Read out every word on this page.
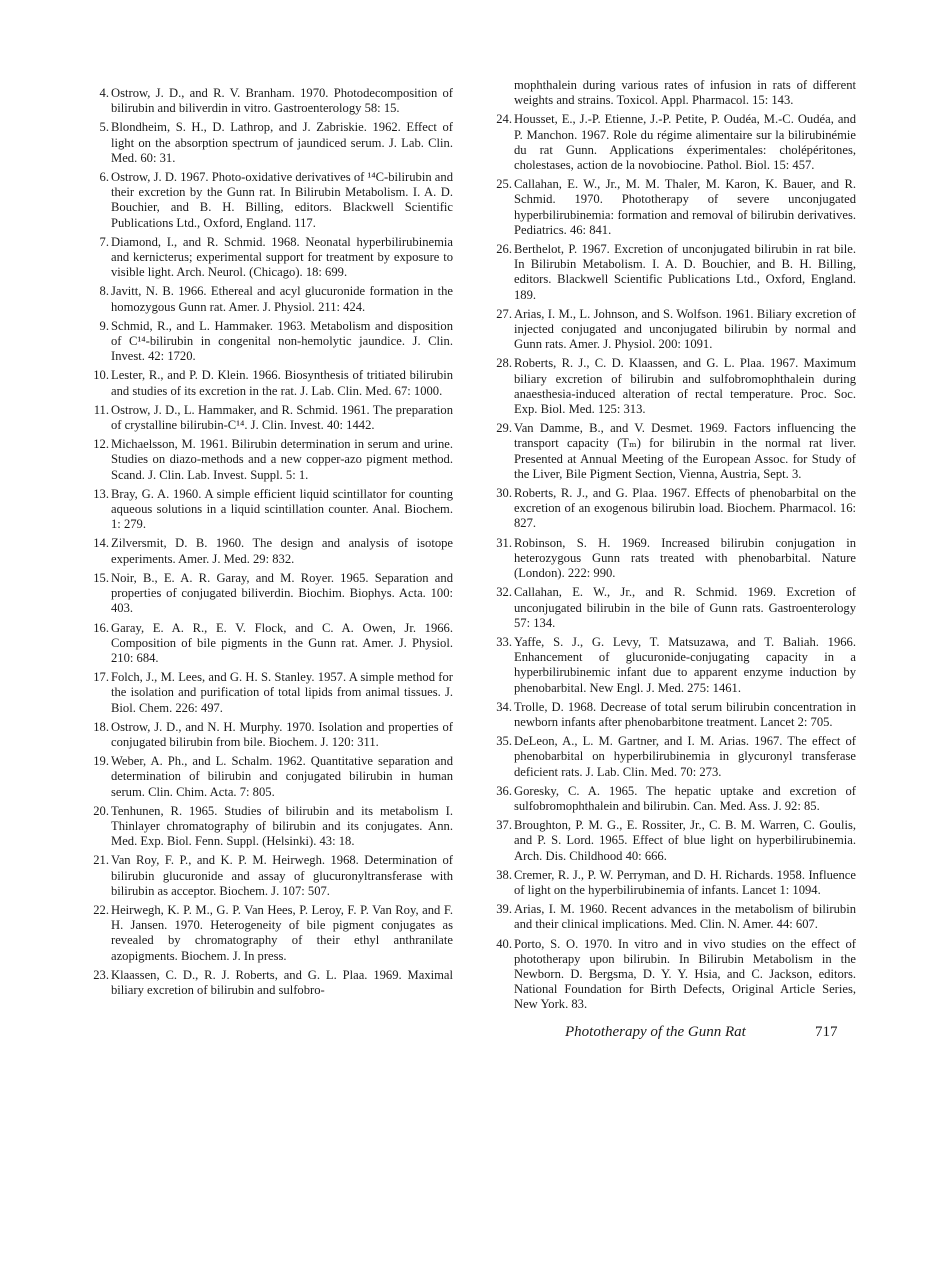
4. Ostrow, J. D., and R. V. Branham. 1970. Photodecomposition of bilirubin and biliverdin in vitro. Gastroenterology 58: 15.
5. Blondheim, S. H., D. Lathrop, and J. Zabriskie. 1962. Effect of light on the absorption spectrum of jaundiced serum. J. Lab. Clin. Med. 60: 31.
6. Ostrow, J. D. 1967. Photo-oxidative derivatives of ¹⁴C-bilirubin and their excretion by the Gunn rat. In Bilirubin Metabolism. I. A. D. Bouchier, and B. H. Billing, editors. Blackwell Scientific Publications Ltd., Oxford, England. 117.
7. Diamond, I., and R. Schmid. 1968. Neonatal hyperbilirubinemia and kernicterus; experimental support for treatment by exposure to visible light. Arch. Neurol. (Chicago). 18: 699.
8. Javitt, N. B. 1966. Ethereal and acyl glucuronide formation in the homozygous Gunn rat. Amer. J. Physiol. 211: 424.
9. Schmid, R., and L. Hammaker. 1963. Metabolism and disposition of C¹⁴-bilirubin in congenital non-hemolytic jaundice. J. Clin. Invest. 42: 1720.
10. Lester, R., and P. D. Klein. 1966. Biosynthesis of tritiated bilirubin and studies of its excretion in the rat. J. Lab. Clin. Med. 67: 1000.
11. Ostrow, J. D., L. Hammaker, and R. Schmid. 1961. The preparation of crystalline bilirubin-C¹⁴. J. Clin. Invest. 40: 1442.
12. Michaelsson, M. 1961. Bilirubin determination in serum and urine. Studies on diazo-methods and a new copper-azo pigment method. Scand. J. Clin. Lab. Invest. Suppl. 5: 1.
13. Bray, G. A. 1960. A simple efficient liquid scintillator for counting aqueous solutions in a liquid scintillation counter. Anal. Biochem. 1: 279.
14. Zilversmit, D. B. 1960. The design and analysis of isotope experiments. Amer. J. Med. 29: 832.
15. Noir, B., E. A. R. Garay, and M. Royer. 1965. Separation and properties of conjugated biliverdin. Biochim. Biophys. Acta. 100: 403.
16. Garay, E. A. R., E. V. Flock, and C. A. Owen, Jr. 1966. Composition of bile pigments in the Gunn rat. Amer. J. Physiol. 210: 684.
17. Folch, J., M. Lees, and G. H. S. Stanley. 1957. A simple method for the isolation and purification of total lipids from animal tissues. J. Biol. Chem. 226: 497.
18. Ostrow, J. D., and N. H. Murphy. 1970. Isolation and properties of conjugated bilirubin from bile. Biochem. J. 120: 311.
19. Weber, A. Ph., and L. Schalm. 1962. Quantitative separation and determination of bilirubin and conjugated bilirubin in human serum. Clin. Chim. Acta. 7: 805.
20. Tenhunen, R. 1965. Studies of bilirubin and its metabolism I. Thinlayer chromatography of bilirubin and its conjugates. Ann. Med. Exp. Biol. Fenn. Suppl. (Helsinki). 43: 18.
21. Van Roy, F. P., and K. P. M. Heirwegh. 1968. Determination of bilirubin glucuronide and assay of glucuronyltransferase with bilirubin as acceptor. Biochem. J. 107: 507.
22. Heirwegh, K. P. M., G. P. Van Hees, P. Leroy, F. P. Van Roy, and F. H. Jansen. 1970. Heterogeneity of bile pigment conjugates as revealed by chromatography of their ethyl anthranilate azopigments. Biochem. J. In press.
23. Klaassen, C. D., R. J. Roberts, and G. L. Plaa. 1969. Maximal biliary excretion of bilirubin and sulfobro-
mophthalein during various rates of infusion in rats of different weights and strains. Toxicol. Appl. Pharmacol. 15: 143.
24. Housset, E., J.-P. Etienne, J.-P. Petite, P. Oudéa, M.-C. Oudéa, and P. Manchon. 1967. Role du régime alimentaire sur la bilirubinémie du rat Gunn. Applications éxperimentales: cholépéritones, cholestases, action de la novobiocine. Pathol. Biol. 15: 457.
25. Callahan, E. W., Jr., M. M. Thaler, M. Karon, K. Bauer, and R. Schmid. 1970. Phototherapy of severe unconjugated hyperbilirubinemia: formation and removal of bilirubin derivatives. Pediatrics. 46: 841.
26. Berthelot, P. 1967. Excretion of unconjugated bilirubin in rat bile. In Bilirubin Metabolism. I. A. D. Bouchier, and B. H. Billing, editors. Blackwell Scientific Publications Ltd., Oxford, England. 189.
27. Arias, I. M., L. Johnson, and S. Wolfson. 1961. Biliary excretion of injected conjugated and unconjugated bilirubin by normal and Gunn rats. Amer. J. Physiol. 200: 1091.
28. Roberts, R. J., C. D. Klaassen, and G. L. Plaa. 1967. Maximum biliary excretion of bilirubin and sulfobromophthalein during anaesthesia-induced alteration of rectal temperature. Proc. Soc. Exp. Biol. Med. 125: 313.
29. Van Damme, B., and V. Desmet. 1969. Factors influencing the transport capacity (Tₘ) for bilirubin in the normal rat liver. Presented at Annual Meeting of the European Assoc. for Study of the Liver, Bile Pigment Section, Vienna, Austria, Sept. 3.
30. Roberts, R. J., and G. Plaa. 1967. Effects of phenobarbital on the excretion of an exogenous bilirubin load. Biochem. Pharmacol. 16: 827.
31. Robinson, S. H. 1969. Increased bilirubin conjugation in heterozygous Gunn rats treated with phenobarbital. Nature (London). 222: 990.
32. Callahan, E. W., Jr., and R. Schmid. 1969. Excretion of unconjugated bilirubin in the bile of Gunn rats. Gastroenterology 57: 134.
33. Yaffe, S. J., G. Levy, T. Matsuzawa, and T. Baliah. 1966. Enhancement of glucuronide-conjugating capacity in a hyperbilirubinemic infant due to apparent enzyme induction by phenobarbital. New Engl. J. Med. 275: 1461.
34. Trolle, D. 1968. Decrease of total serum bilirubin concentration in newborn infants after phenobarbitone treatment. Lancet 2: 705.
35. DeLeon, A., L. M. Gartner, and I. M. Arias. 1967. The effect of phenobarbital on hyperbilirubinemia in glycuronyl transferase deficient rats. J. Lab. Clin. Med. 70: 273.
36. Goresky, C. A. 1965. The hepatic uptake and excretion of sulfobromophthalein and bilirubin. Can. Med. Ass. J. 92: 85.
37. Broughton, P. M. G., E. Rossiter, Jr., C. B. M. Warren, C. Goulis, and P. S. Lord. 1965. Effect of blue light on hyperbilirubinemia. Arch. Dis. Childhood 40: 666.
38. Cremer, R. J., P. W. Perryman, and D. H. Richards. 1958. Influence of light on the hyperbilirubinemia of infants. Lancet 1: 1094.
39. Arias, I. M. 1960. Recent advances in the metabolism of bilirubin and their clinical implications. Med. Clin. N. Amer. 44: 607.
40. Porto, S. O. 1970. In vitro and in vivo studies on the effect of phototherapy upon bilirubin. In Bilirubin Metabolism in the Newborn. D. Bergsma, D. Y. Y. Hsia, and C. Jackson, editors. National Foundation for Birth Defects, Original Article Series, New York. 83.
Phototherapy of the Gunn Rat	717
